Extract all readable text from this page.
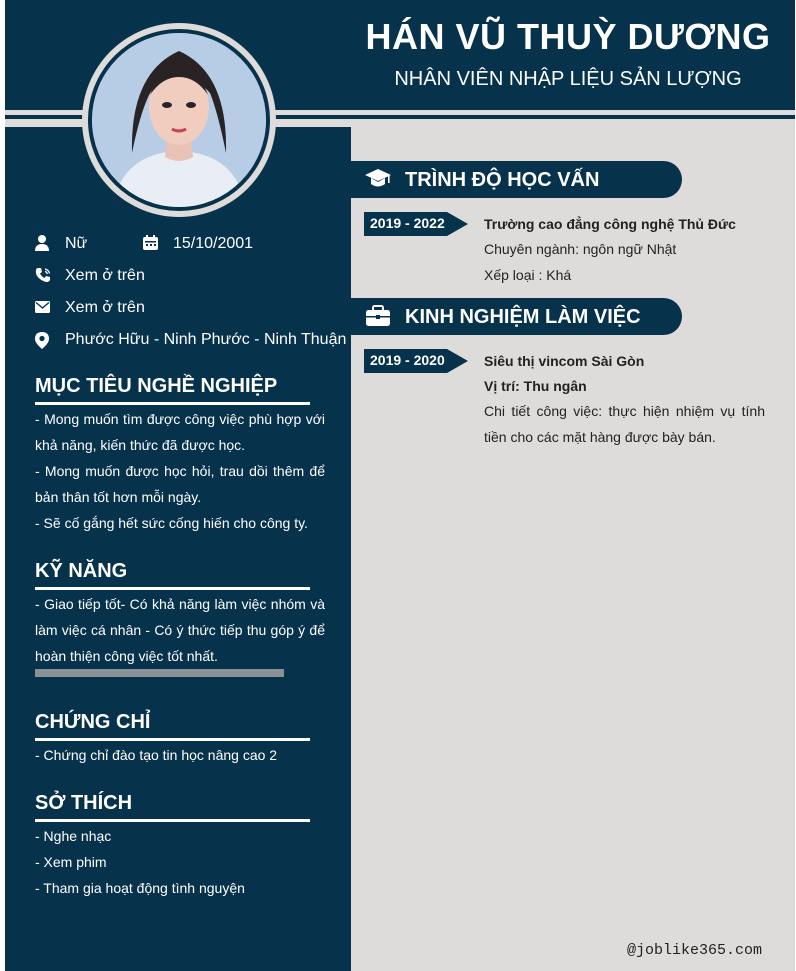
HÁN VŨ THUỲ DƯƠNG
NHÂN VIÊN NHẬP LIỆU SẢN LƯỢNG
Nữ	15/10/2001
Xem ở trên
Xem ở trên
Phước Hữu - Ninh Phước - Ninh Thuận
MỤC TIÊU NGHỀ NGHIỆP
- Mong muốn tìm được công việc phù hợp với khả năng, kiến thức đã được học.
- Mong muốn được học hỏi, trau dồi thêm để bản thân tốt hơn mỗi ngày.
- Sẽ cố gắng hết sức cống hiến cho công ty.
KỸ NĂNG
- Giao tiếp tốt- Có khả năng làm việc nhóm và làm việc cá nhân - Có ý thức tiếp thu góp ý để hoàn thiện công việc tốt nhất.
CHỨNG CHỈ
- Chứng chỉ đào tạo tin học nâng cao 2
SỞ THÍCH
- Nghe nhạc
- Xem phim
- Tham gia hoạt động tình nguyện
TRÌNH ĐỘ HỌC VẤN
2019 - 2022	Trường cao đẳng công nghệ Thủ Đức
Chuyên ngành: ngôn ngữ Nhật
Xếp loại : Khá
KINH NGHIỆM LÀM VIỆC
2019 - 2020	Siêu thị vincom Sài Gòn
Vị trí: Thu ngân
Chi tiết công việc: thực hiện nhiệm vụ tính tiền cho các mặt hàng được bày bán.
@joblike365.com
